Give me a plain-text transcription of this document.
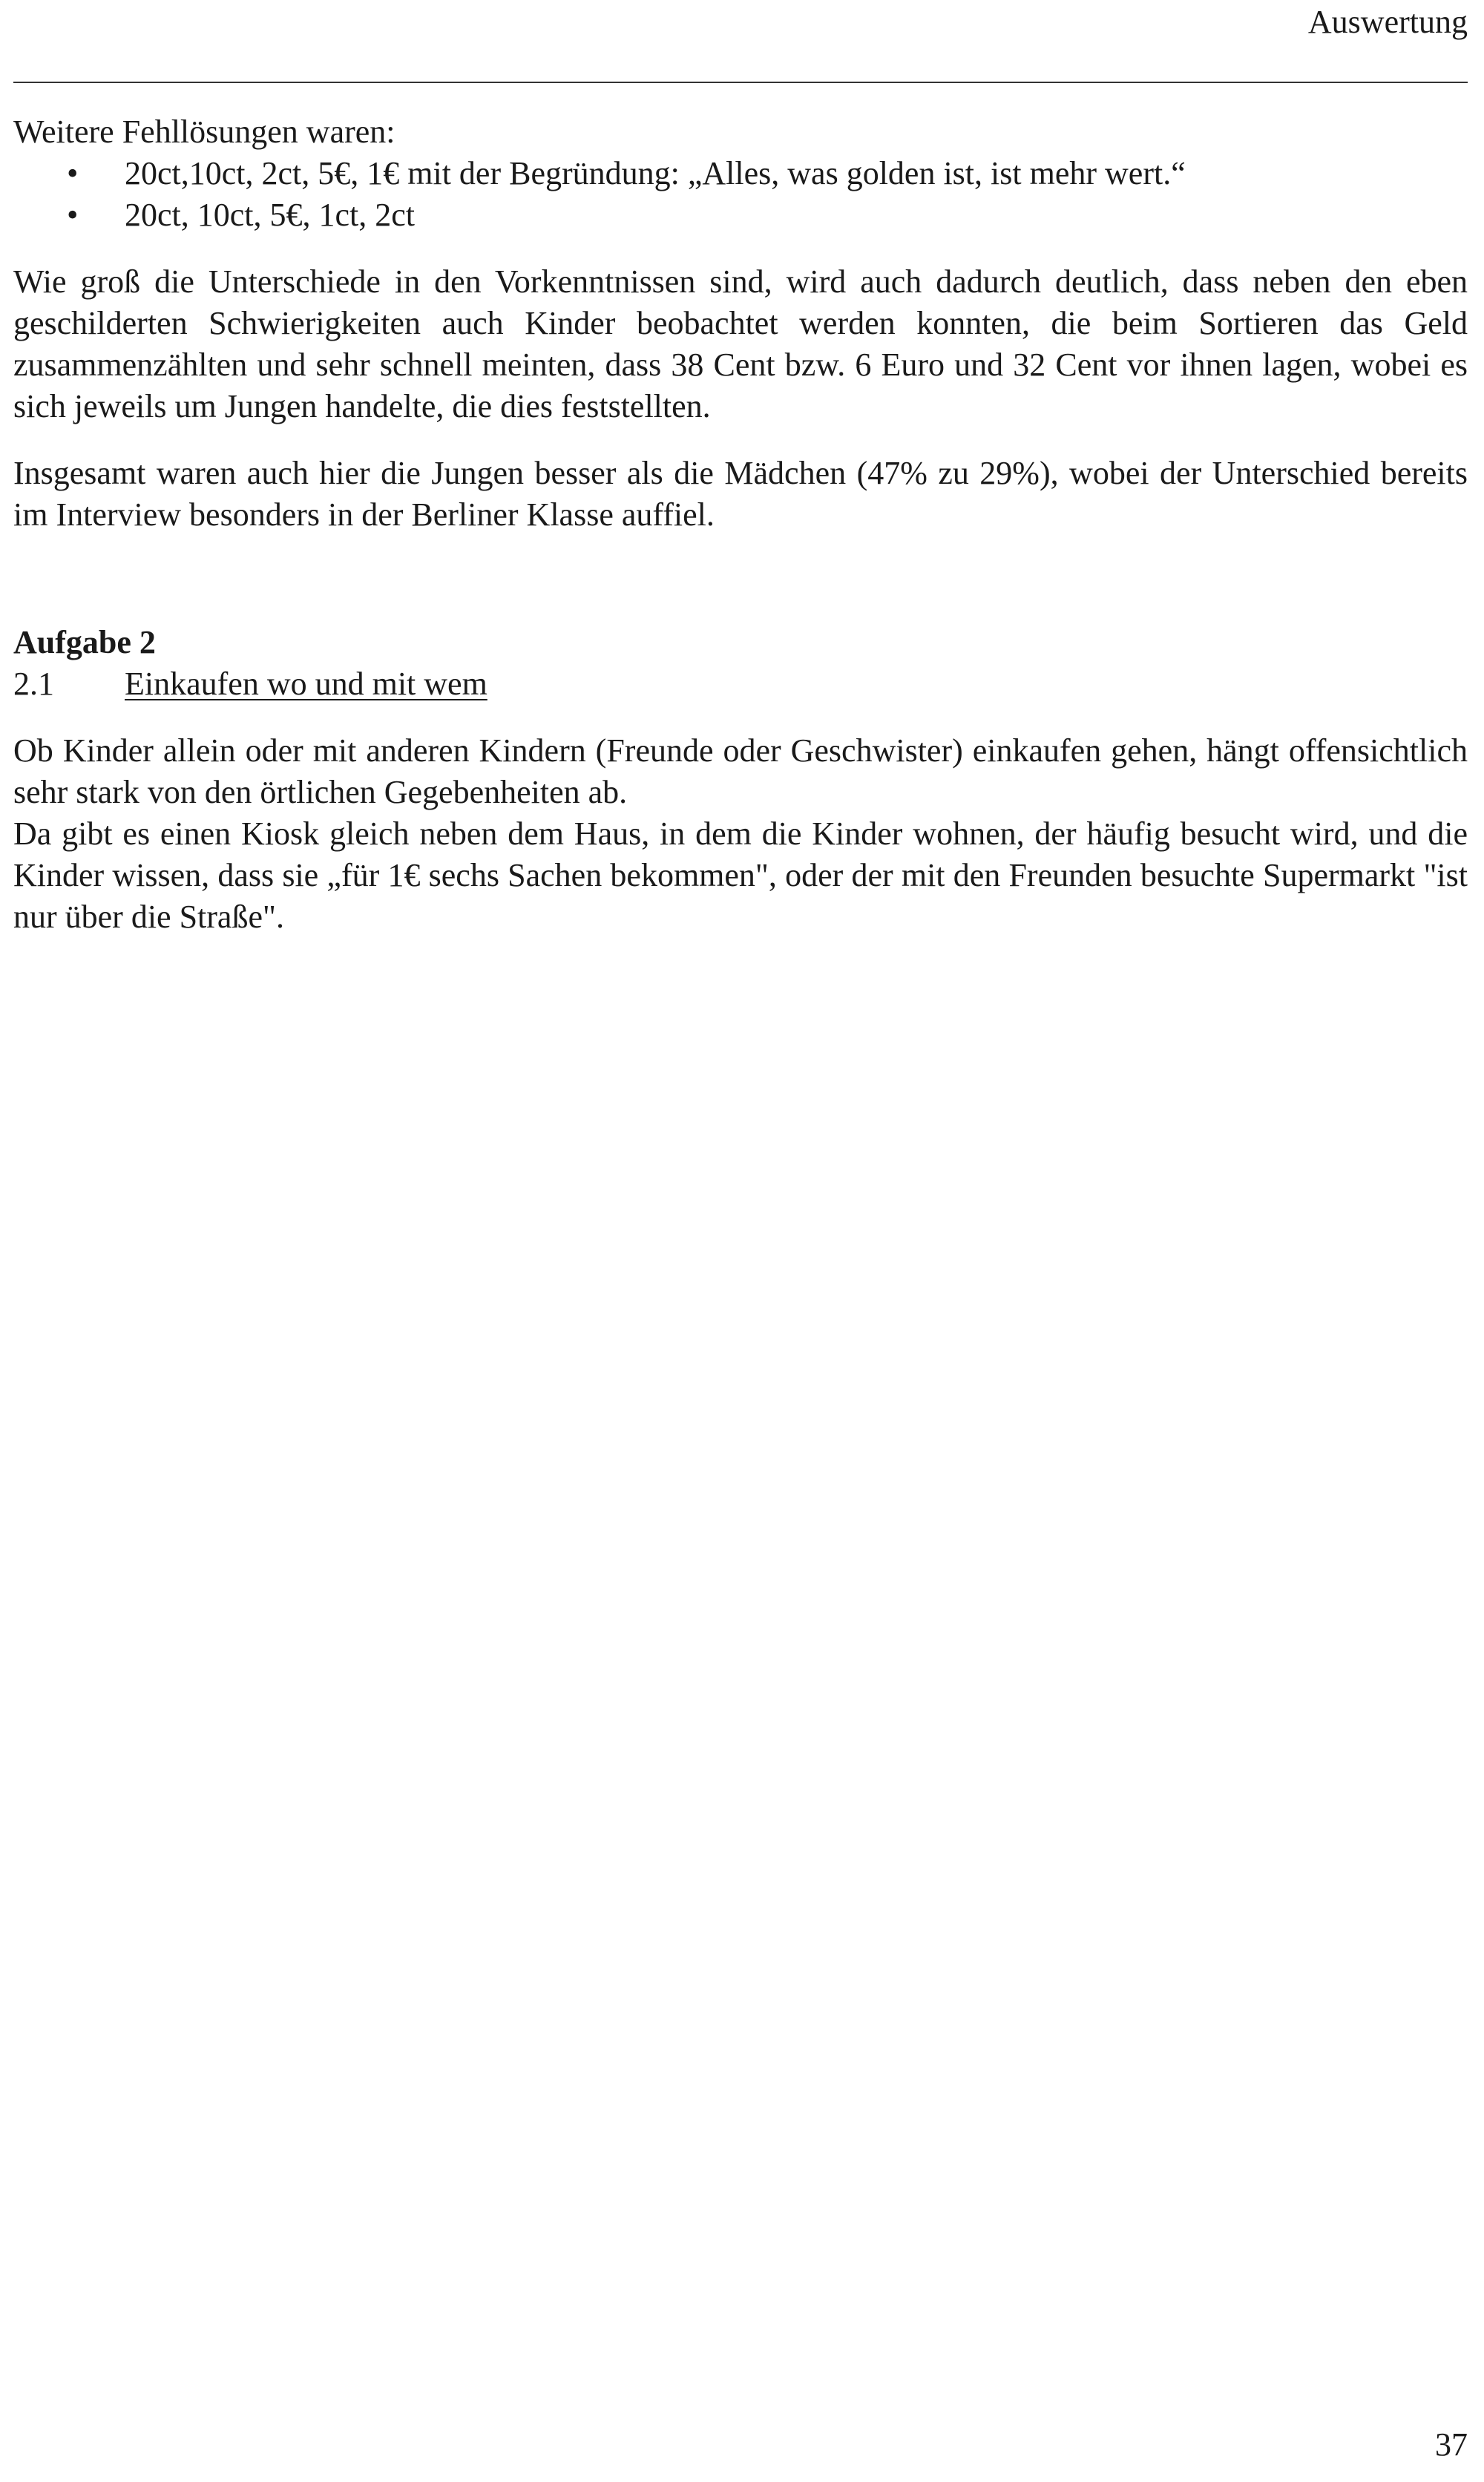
Auswertung

Weitere Fehllösungen waren:

• 20ct,10ct, 2ct, 5€, 1€ mit der Begründung: „Alles, was golden ist, ist mehr wert.“
• 20ct, 10ct, 5€, 1ct, 2ct

Wie groß die Unterschiede in den Vorkenntnissen sind, wird auch dadurch deutlich, dass neben den eben geschilderten Schwierigkeiten auch Kinder beobachtet werden konnten, die beim Sortieren das Geld zusammenzählten und sehr schnell meinten, dass 38 Cent bzw. 6 Euro und 32 Cent vor ihnen lagen, wobei es sich jeweils um Jungen handelte, die dies feststellten.

Insgesamt waren auch hier die Jungen besser als die Mädchen (47% zu 29%), wobei der Unterschied bereits im Interview besonders in der Berliner Klasse auffiel.

Aufgabe 2

2.1 Einkaufen wo und mit wem

Ob Kinder allein oder mit anderen Kindern (Freunde oder Geschwister) einkaufen gehen, hängt offensichtlich sehr stark von den örtlichen Gegebenheiten ab.

Da gibt es einen Kiosk gleich neben dem Haus, in dem die Kinder wohnen, der häufig besucht wird, und die Kinder wissen, dass sie „für 1€ sechs Sachen bekommen", oder der mit den Freunden besuchte Supermarkt "ist nur über die Straße".

37
